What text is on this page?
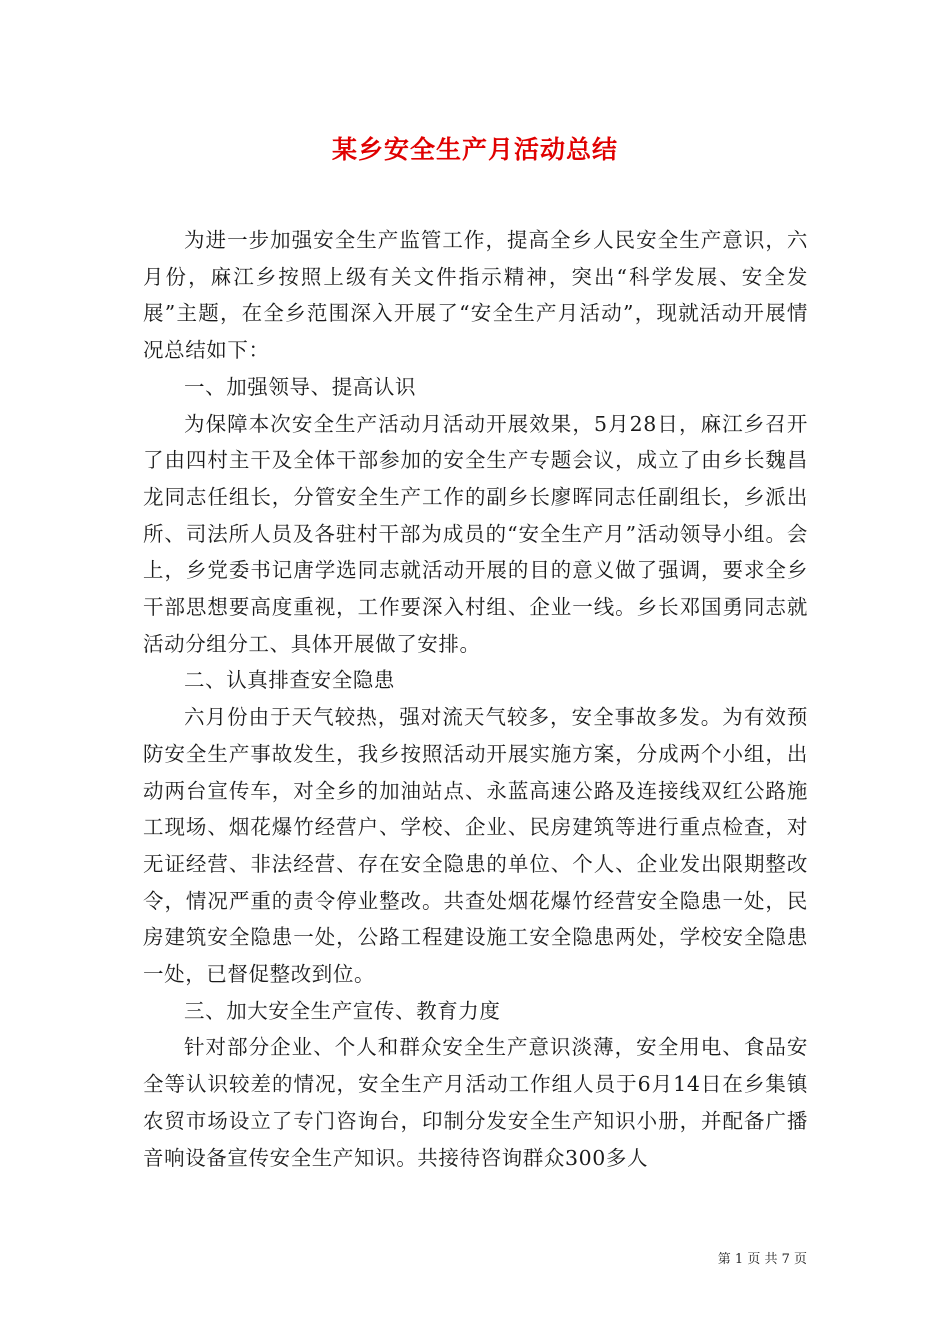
某乡安全生产月活动总结

为进一步加强安全生产监管工作，提高全乡人民安全生产意识，六月份，麻江乡按照上级有关文件指示精神，突出“科学发展、安全发展”主题，在全乡范围深入开展了“安全生产月活动”，现就活动开展情况总结如下：

一、加强领导、提高认识

为保障本次安全生产活动月活动开展效果，5月28日，麻江乡召开了由四村主干及全体干部参加的安全生产专题会议，成立了由乡长魏昌龙同志任组长，分管安全生产工作的副乡长廖晖同志任副组长，乡派出所、司法所人员及各驻村干部为成员的“安全生产月”活动领导小组。会上，乡党委书记唐学选同志就活动开展的目的意义做了强调，要求全乡干部思想要高度重视，工作要深入村组、企业一线。乡长邓国勇同志就活动分组分工、具体开展做了安排。

二、认真排查安全隐患

六月份由于天气较热，强对流天气较多，安全事故多发。为有效预防安全生产事故发生，我乡按照活动开展实施方案，分成两个小组，出动两台宣传车，对全乡的加油站点、永蓝高速公路及连接线双红公路施工现场、烟花爆竹经营户、学校、企业、民房建筑等进行重点检查，对无证经营、非法经营、存在安全隐患的单位、个人、企业发出限期整改令，情况严重的责令停业整改。共查处烟花爆竹经营安全隐患一处，民房建筑安全隐患一处，公路工程建设施工安全隐患两处，学校安全隐患一处，已督促整改到位。

三、加大安全生产宣传、教育力度

针对部分企业、个人和群众安全生产意识淡薄，安全用电、食品安全等认识较差的情况，安全生产月活动工作组人员于6月14日在乡集镇农贸市场设立了专门咨询台，印制分发安全生产知识小册，并配备广播音响设备宣传安全生产知识。共接待咨询群众300多人

第 1 页 共 7 页
